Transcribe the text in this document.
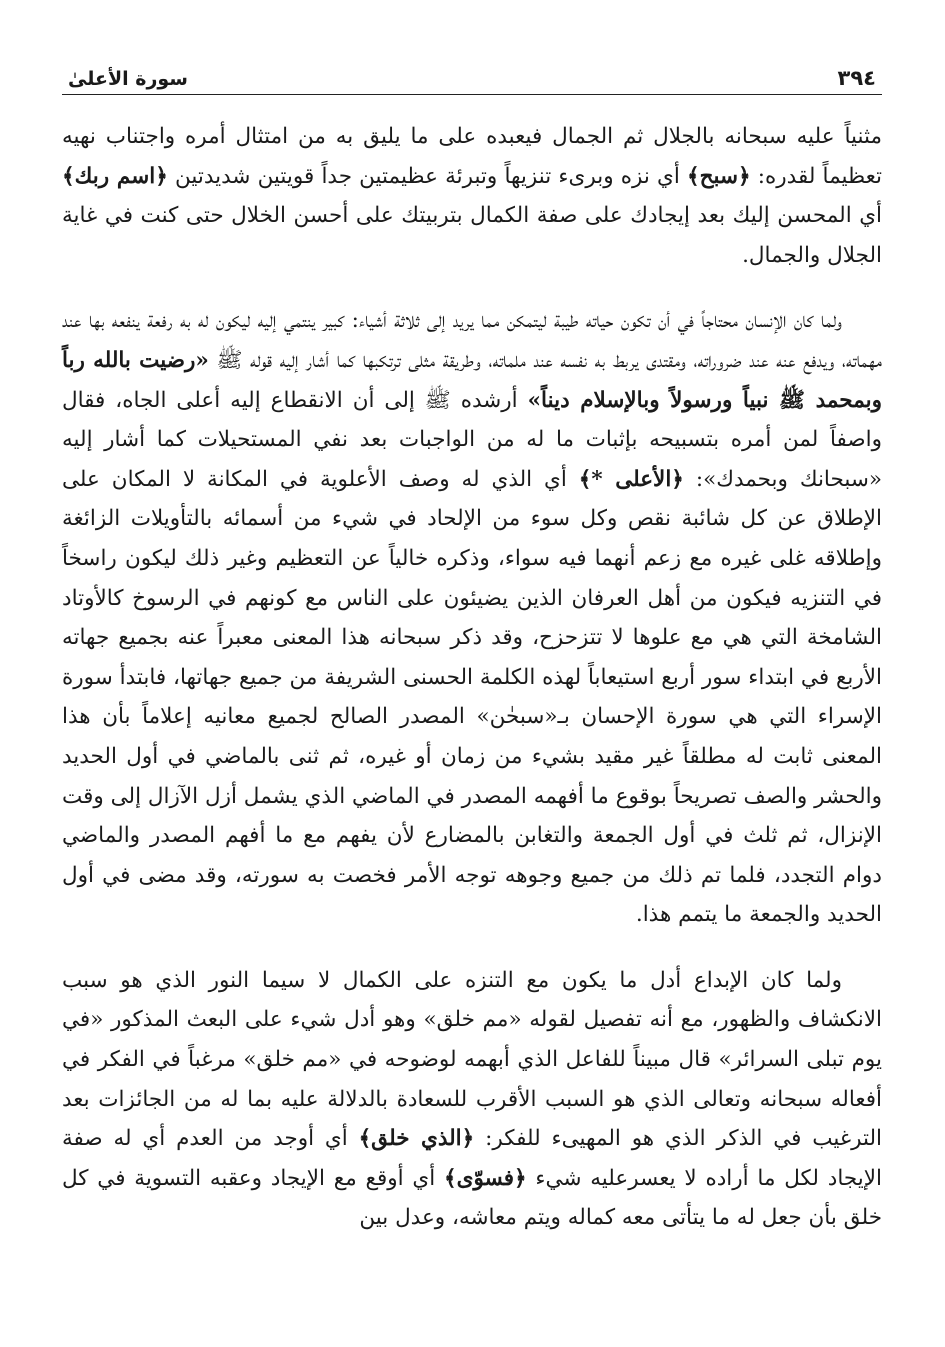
٣٩٤
سورة الأعلىٰ

مثنياً عليه سبحانه بالجلال ثم الجمال فيعبده على ما يليق به من امتثال أمره واجتناب نهيه تعظيماً لقدره: ﴿سبح﴾ أي نزه وبرىء تنزيهاً وتبرئة عظيمتين جداً قويتين شديدتين ﴿اسم ربك﴾ أي المحسن إليك بعد إيجادك على صفة الكمال بتربيتك على أحسن الخلال حتى كنت في غاية الجلال والجمال.

ولما كان الإنسان محتاجاً في أن تكون حياته طيبة ليتمكن مما يريد إلى ثلاثة أشياء: كبير ينتمي إليه ليكون له به رفعة ينفعه بها عند مهماته، ويدفع عنه عند ضروراته، ومقتدى يربط به نفسه عند ملماته، وطريقة مثلى ترتكبها كما أشار إليه قوله ﷺ «رضيت بالله رباً وبمحمد ﷺ نبياً ورسولاً وبالإسلام ديناً» أرشده ﷺ إلى أن الانقطاع إليه أعلى الجاه، فقال واصفاً لمن أمره بتسبيحه بإثبات ما له من الواجبات بعد نفي المستحيلات كما أشار إليه «سبحانك وبحمدك»: ﴿الأعلى *﴾ أي الذي له وصف الأعلوية في المكانة لا المكان على الإطلاق عن كل شائبة نقص وكل سوء من الإلحاد في شيء من أسمائه بالتأويلات الزائغة وإطلاقه غلى غيره مع زعم أنهما فيه سواء، وذكره خالياً عن التعظيم وغير ذلك ليكون راسخاً في التنزيه فيكون من أهل العرفان الذين يضيئون على الناس مع كونهم في الرسوخ كالأوتاد الشامخة التي هي مع علوها لا تتزحزح، وقد ذكر سبحانه هذا المعنى معبراً عنه بجميع جهاته الأربع في ابتداء سور أربع استيعاباً لهذه الكلمة الحسنى الشريفة من جميع جهاتها، فابتدأ سورة الإسراء التي هي سورة الإحسان بـ«سبحٰن» المصدر الصالح لجميع معانيه إعلاماً بأن هذا المعنى ثابت له مطلقاً غير مقيد بشيء من زمان أو غيره، ثم ثنى بالماضي في أول الحديد والحشر والصف تصريحاً بوقوع ما أفهمه المصدر في الماضي الذي يشمل أزل الآزال إلى وقت الإنزال، ثم ثلث في أول الجمعة والتغابن بالمضارع لأن يفهم مع ما أفهم المصدر والماضي دوام التجدد، فلما تم ذلك من جميع وجوهه توجه الأمر فخصت به سورته، وقد مضى في أول الحديد والجمعة ما يتمم هذا.

ولما كان الإبداع أدل ما يكون مع التنزه على الكمال لا سيما النور الذي هو سبب الانكشاف والظهور، مع أنه تفصيل لقوله «مم خلق» وهو أدل شيء على البعث المذكور «في يوم تبلى السرائر» قال مبيناً للفاعل الذي أبهمه لوضوحه في «مم خلق» مرغباً في الفكر في أفعاله سبحانه وتعالى الذي هو السبب الأقرب للسعادة بالدلالة عليه بما له من الجائزات بعد الترغيب في الذكر الذي هو المهيىء للفكر: ﴿الذي خلق﴾ أي أوجد من العدم أي له صفة الإيجاد لكل ما أراده لا يعسرعليه شيء ﴿فسوّى﴾ أي أوقع مع الإيجاد وعقبه التسوية في كل خلق بأن جعل له ما يتأتى معه كماله ويتم معاشه، وعدل بين
